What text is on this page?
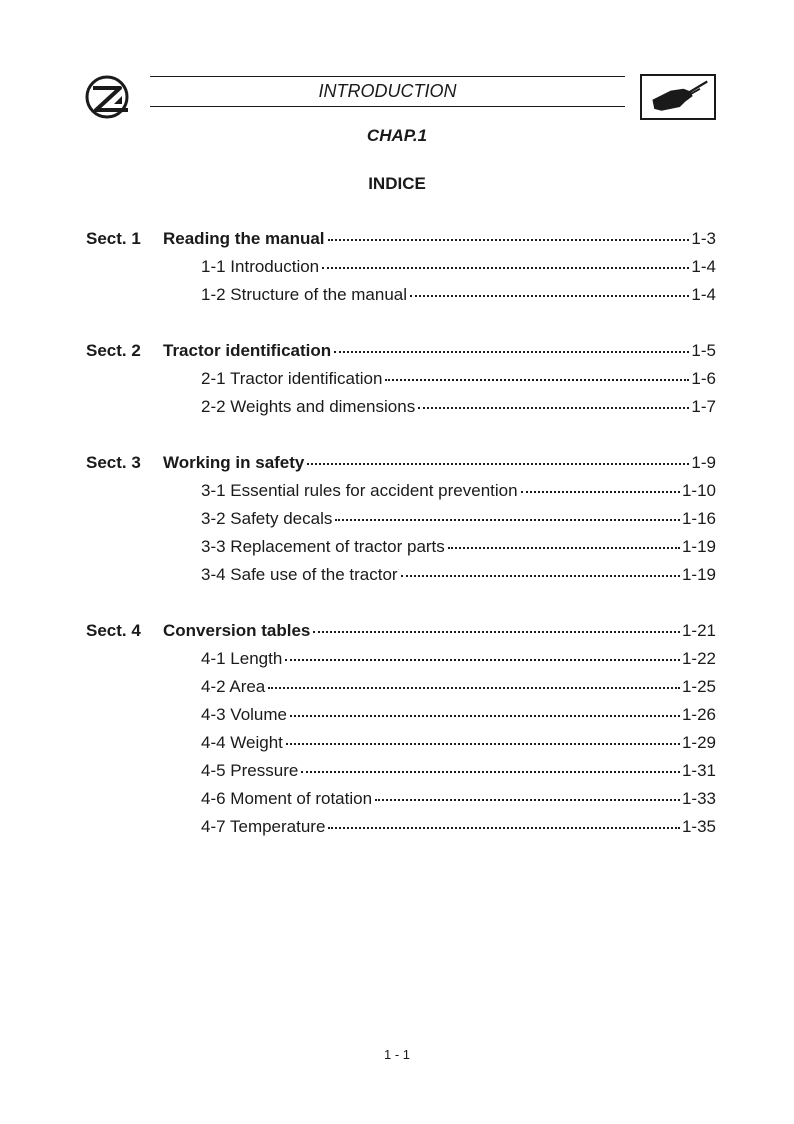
INTRODUCTION
CHAP.1
INDICE
Sect. 1	Reading the manual	1-3
1-1 Introduction	1-4
1-2 Structure of the manual	1-4
Sect. 2	Tractor identification	1-5
2-1 Tractor identification	1-6
2-2 Weights and dimensions	1-7
Sect. 3	Working in safety	1-9
3-1 Essential rules for accident prevention	1-10
3-2 Safety decals	1-16
3-3 Replacement of tractor parts	1-19
3-4 Safe use of the tractor	1-19
Sect. 4	Conversion tables	1-21
4-1 Length	1-22
4-2 Area	1-25
4-3 Volume	1-26
4-4 Weight	1-29
4-5 Pressure	1-31
4-6 Moment of rotation	1-33
4-7 Temperature	1-35
1 - 1
